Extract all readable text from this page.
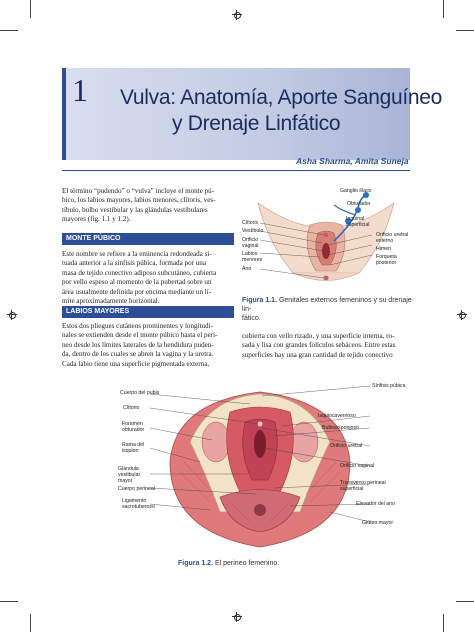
1 Vulva: Anatomía, Aporte Sanguíneo
y Drenaje Linfático
Asha Sharma, Amita Suneja
El término “pudendo” o “vulva” incluye el monte pú-
bico, los labios mayores, labios menores, clítoris, ves-
tíbulo, bulbo vestibular y las glándulas vestibulares
mayores (fig. 1.1 y 1.2).
MONTE PÚBICO
Este nombre se refiere a la eminencia redondeada si-
tuada anterior a la sínfisis púbica, formada por una
masa de tejido conectivo adiposo subcutáneo, cubierta
por vello espeso al momento de la pubertad sobre un
área usualmente definida por encima mediante un lí-
mite aproximadamente horizontal.
LABIOS MAYORES
Estos dos pliegues cutáneos prominentes y longitudi-
nales se extienden desde el monte púbico hasta el peri-
neo desde los límites laterales de la hendidura puden-
da, dentro de los cuales se abren la vagina y la uretra.
Cada labio tiene una superficie pigmentada externa,
cubierta con vello rizado, y una superficie interna, ro-
sada y lisa con grandes folículos sebáceos. Entre estas
superficies hay una gran cantidad de tejido conectivo
Clítoris
Vestíbulo
Orificio vaginal
Labios menores
Ano
Ganglio ilíaco
Obturador
Inguinal superficial
Orificio uretral externo
Himen
Forqueta posterior
Figura 1.1. Genitales externos femeninos y su drenaje lin-
fático.
Cuerpo del pubis
Clítoris
Foramen obturador
Rama del isquion
Glándula vestibular mayor
Cuerpo perineal
Ligamento sacrotuberoso
Sínfisis púbica
Isquiocavernoso
Bulboesponjoso
Orificio uretral
Orificio vaginal
Transverso perineal superficial
Elevador del ano
Glúteo mayor
Figura 1.2. El perineo femenino.
